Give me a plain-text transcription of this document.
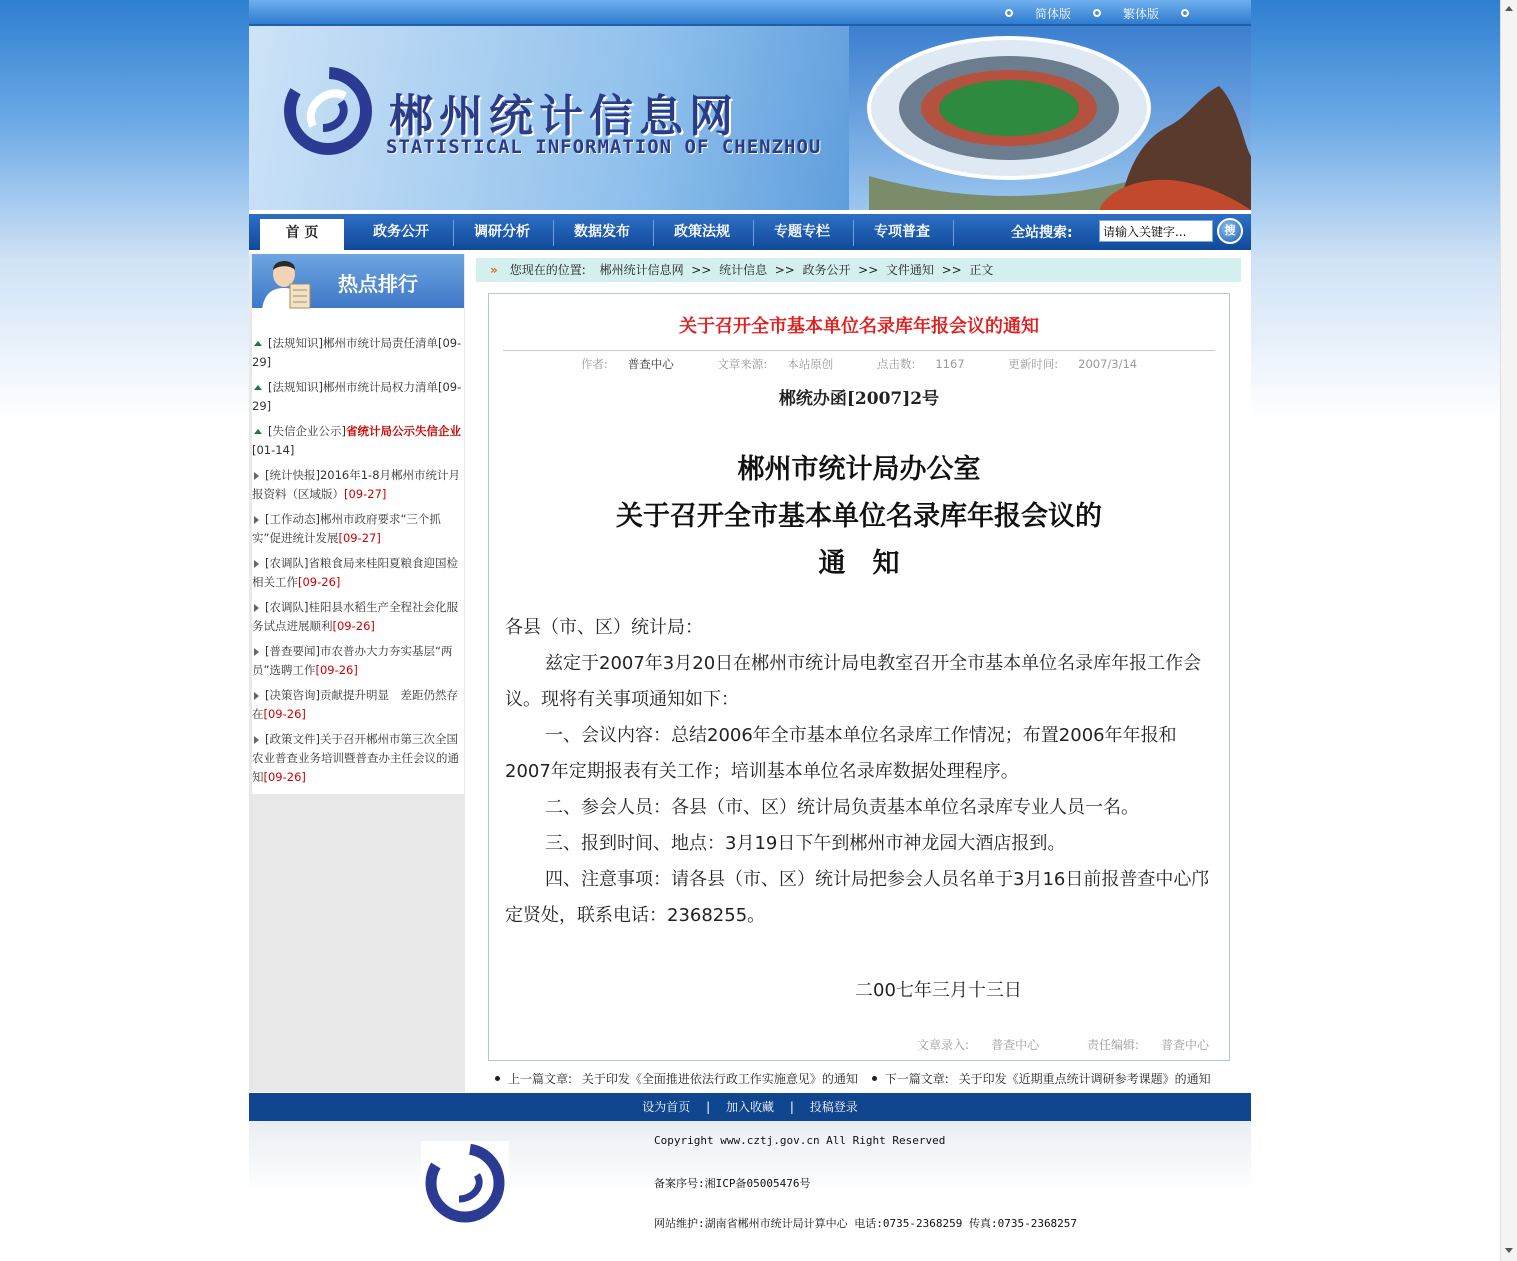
简体版	繁体版
郴州统计信息网
STATISTICAL INFORMATION OF CHENZHOU
首 页	政务公开	调研分析	数据发布	政策法规	专题专栏	专项普查	全站搜索:
请输入关键字...	搜
热点排行
[法规知识]郴州市统计局责任清单[09-29]
[法规知识]郴州市统计局权力清单[09-29]
[失信企业公示]省统计局公示失信企业[01-14]
[统计快报]2016年1-8月郴州市统计月报资料（区域版）[09-27]
[工作动态]郴州市政府要求“三个抓实”促进统计发展[09-27]
[农调队]省粮食局来桂阳夏粮食迎国检相关工作[09-26]
[农调队]桂阳县水稻生产全程社会化服务试点进展顺利[09-26]
[普查要闻]市农普办大力夯实基层“两员”选聘工作[09-26]
[决策咨询]贡献提升明显　差距仍然存在[09-26]
[政策文件]关于召开郴州市第三次全国农业普查业务培训暨普查办主任会议的通知[09-26]
» 您现在的位置: 郴州统计信息网  >>  统计信息  >>  政务公开  >>  文件通知  >>  正文
关于召开全市基本单位名录库年报会议的通知
作者: 普查中心	文章来源: 本站原创	点击数: 1167	更新时间: 2007/3/14
郴统办函[2007]2号
郴州市统计局办公室
关于召开全市基本单位名录库年报会议的
通　知

各县（市、区）统计局：

兹定于2007年3月20日在郴州市统计局电教室召开全市基本单位名录库年报工作会议。现将有关事项通知如下：

一、会议内容：总结2006年全市基本单位名录库工作情况；布置2006年年报和2007年定期报表有关工作；培训基本单位名录库数据处理程序。

二、参会人员：各县（市、区）统计局负责基本单位名录库专业人员一名。

三、报到时间、地点：3月19日下午到郴州市神龙园大酒店报到。

四、注意事项：请各县（市、区）统计局把参会人员名单于3月16日前报普查中心邝定贤处，联系电话：2368255。

二00七年三月十三日
文章录入: 普查中心	责任编辑: 普查中心
上一篇文章: 关于印发《全面推进依法行政工作实施意见》的通知 下一篇文章: 关于印发《近期重点统计调研参考课题》的通知
设为首页 | 加入收藏 | 投稿登录
Copyright www.cztj.gov.cn All Right Reserved
备案序号:湘ICP备05005476号
网站维护:湖南省郴州市统计局计算中心 电话:0735-2368259 传真:0735-2368257
